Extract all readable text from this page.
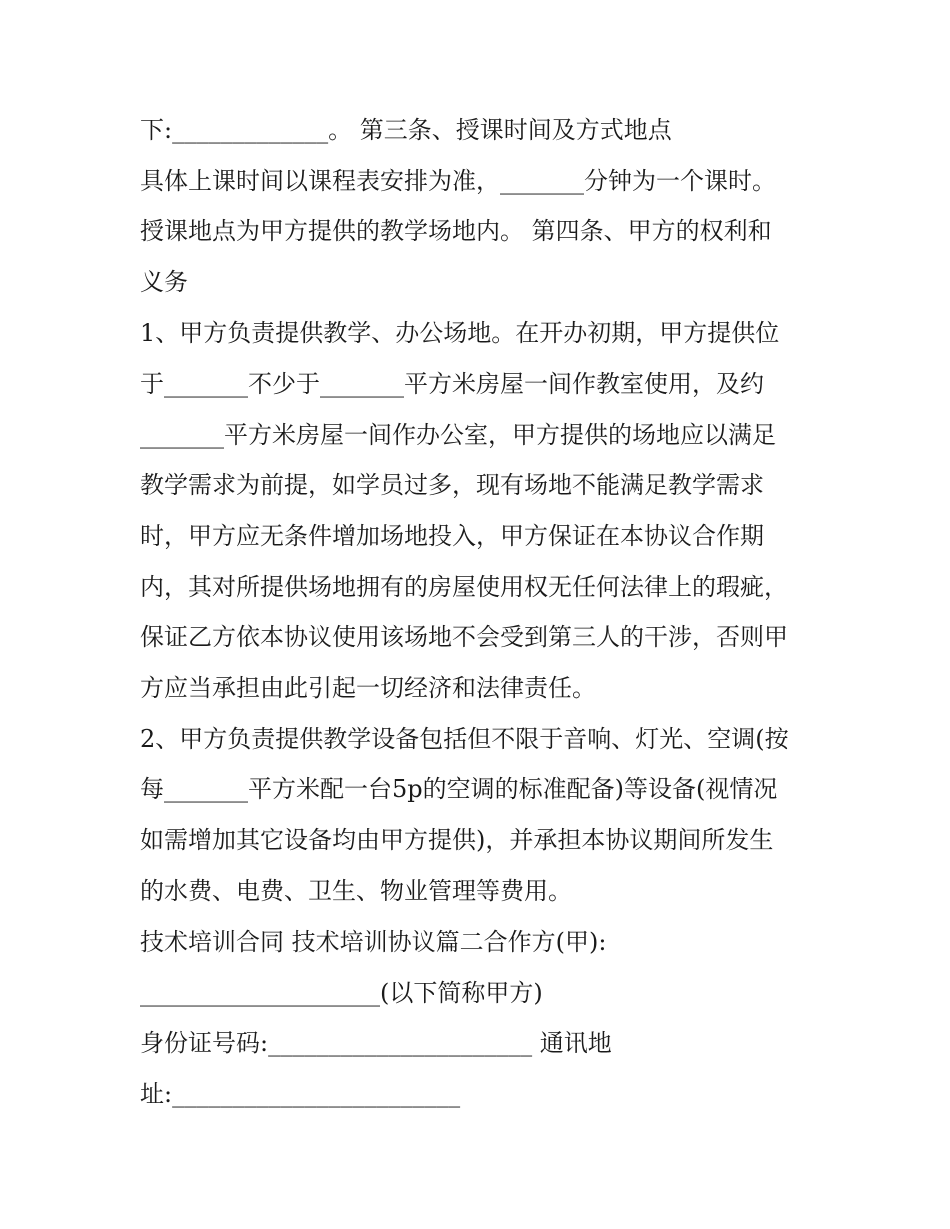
下:_____________。 第三条、授课时间及方式地点
具体上课时间以课程表安排为准，_______分钟为一个课时。
授课地点为甲方提供的教学场地内。 第四条、甲方的权利和
义务
1、甲方负责提供教学、办公场地。在开办初期，甲方提供位
于_______不少于_______平方米房屋一间作教室使用，及约
_______平方米房屋一间作办公室，甲方提供的场地应以满足
教学需求为前提，如学员过多，现有场地不能满足教学需求
时，甲方应无条件增加场地投入，甲方保证在本协议合作期
内，其对所提供场地拥有的房屋使用权无任何法律上的瑕疵，
保证乙方依本协议使用该场地不会受到第三人的干涉，否则甲
方应当承担由此引起一切经济和法律责任。
2、甲方负责提供教学设备包括但不限于音响、灯光、空调(按
每_______平方米配一台5p的空调的标准配备)等设备(视情况
如需增加其它设备均由甲方提供)，并承担本协议期间所发生
的水费、电费、卫生、物业管理等费用。
技术培训合同 技术培训协议篇二合作方(甲):
____________________(以下简称甲方)
身份证号码:______________________ 通讯地
址:________________________
